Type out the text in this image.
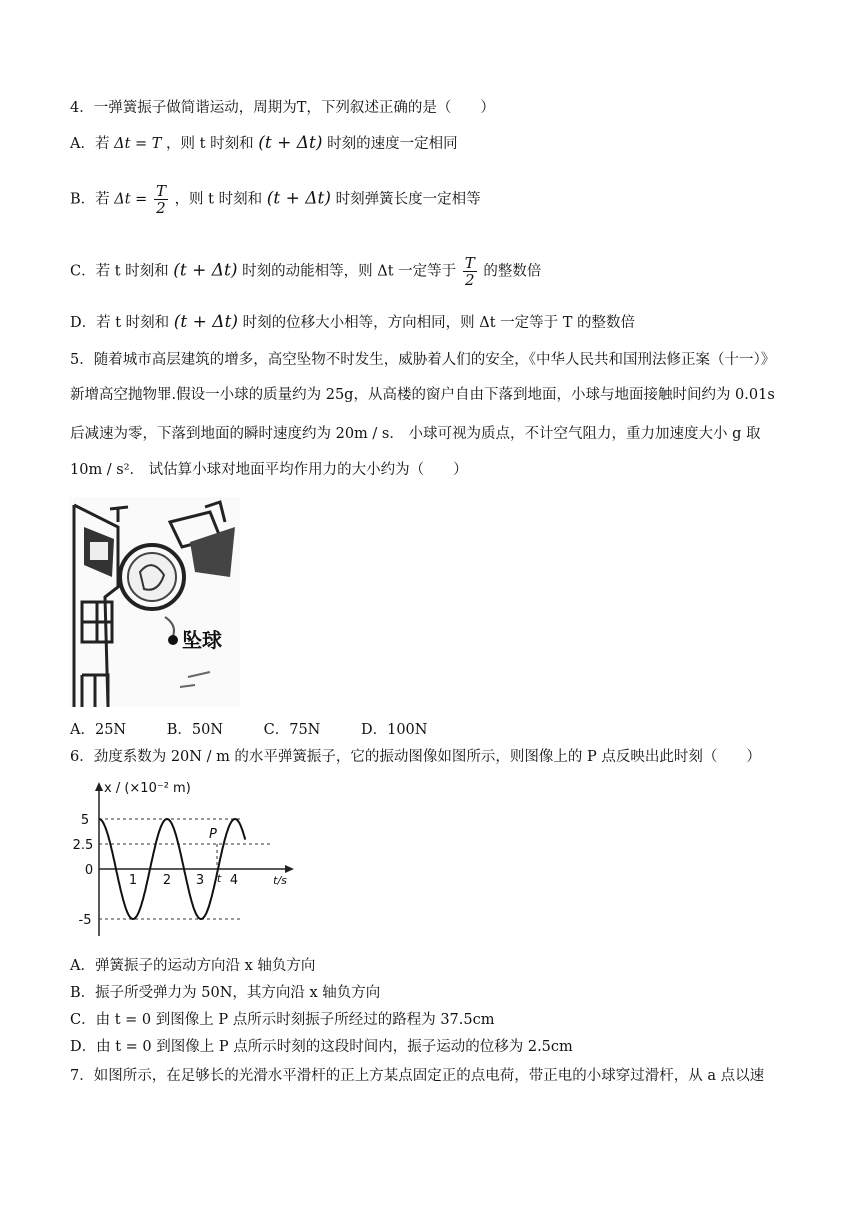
4．一弹簧振子做简谐运动，周期为T，下列叙述正确的是（　　）
A．若 Δt = T ，则 t 时刻和 (t + Δt) 时刻的速度一定相同
B．若 $\Delta t = \frac{T}{2}$ ，则 t 时刻和 (t + Δt) 时刻弹簧长度一定相等
C．若 t 时刻和 (t + Δt) 时刻的动能相等，则 Δt 一定等于 $\frac{T}{2}$ 的整数倍
D．若 t 时刻和 (t + Δt) 时刻的位移大小相等，方向相同，则 Δt 一定等于 T 的整数倍
5．随着城市高层建筑的增多，高空坠物不时发生，威胁着人们的安全，《中华人民共和国刑法修正案（十一）》
新增高空抛物罪.假设一小球的质量约为 25g，从高楼的窗户自由下落到地面，小球与地面接触时间约为 0.01s
后减速为零，下落到地面的瞬时速度约为 20m / s． 小球可视为质点，不计空气阻力，重力加速度大小 g 取
10m / s²． 试估算小球对地面平均作用力的大小约为（　　）
坠球
A．25N	B．50N	C．75N	D．100N
6．劲度系数为 20N / m 的水平弹簧振子，它的振动图像如图所示，则图像上的 P 点反映出此时刻（　　）
x / (×10⁻² m)
5
2.5
0
-5
1 2 3 t 4	t/s
P
A．弹簧振子的运动方向沿 x 轴负方向
B．振子所受弹力为 50N，其方向沿 x 轴负方向
C．由 t = 0 到图像上 P 点所示时刻振子所经过的路程为 37.5cm
D．由 t = 0 到图像上 P 点所示时刻的这段时间内，振子运动的位移为 2.5cm
7．如图所示，在足够长的光滑水平滑杆的正上方某点固定正的点电荷，带正电的小球穿过滑杆，从 a 点以速
